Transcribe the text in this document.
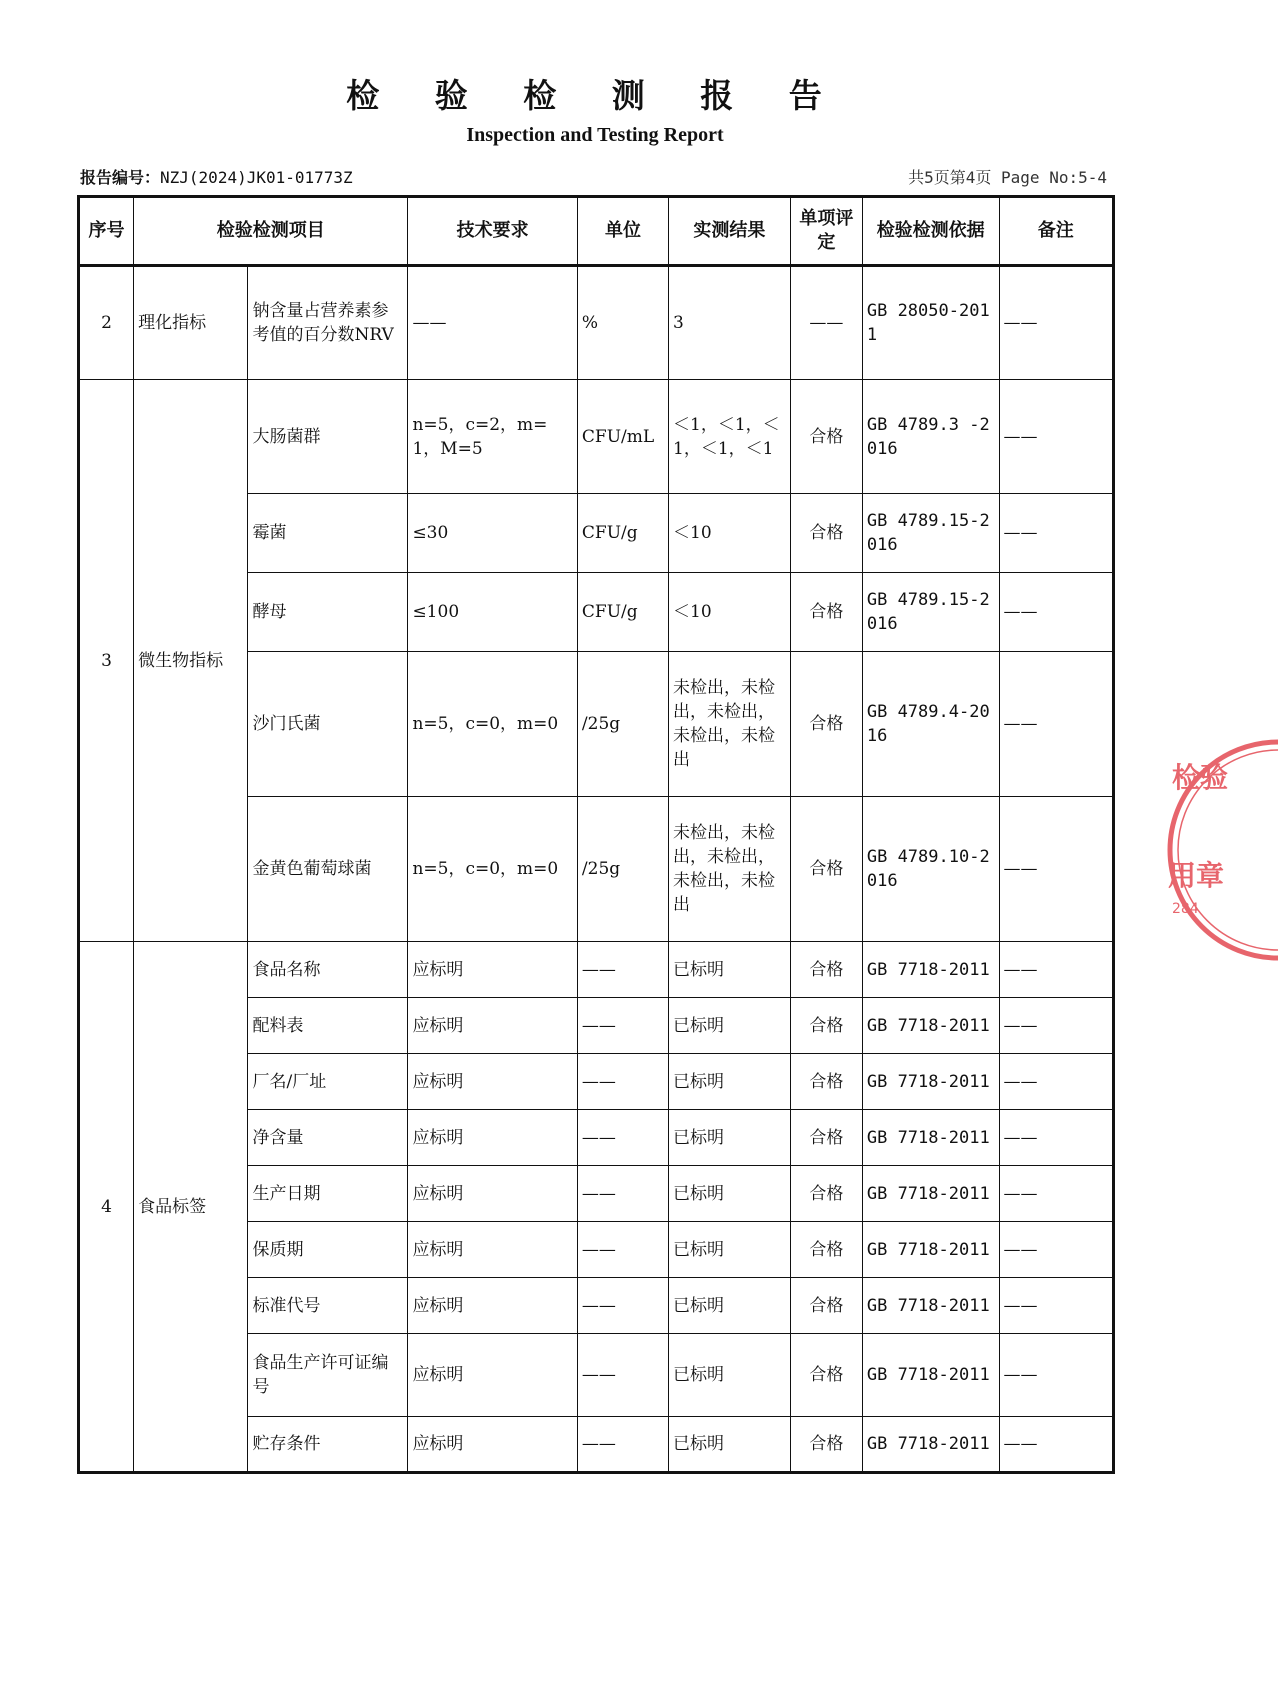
检 验 检 测 报 告
Inspection and Testing Report
报告编号：NZJ(2024)JK01-01773Z	共5页第4页 Page No:5-4
序号	检验检测项目		技术要求	单位	实测结果	单项评定	检验检测依据	备注
2	理化指标	钠含量占营养素参考值的百分数NRV	——	%	3	——	GB 28050-2011	——
3	微生物指标	大肠菌群	n=5，c=2，m=1，M=5	CFU/mL	＜1，＜1，＜1，＜1，＜1	合格	GB 4789.3 -2016	——
		霉菌	≤30	CFU/g	＜10	合格	GB 4789.15-2016	——
		酵母	≤100	CFU/g	＜10	合格	GB 4789.15-2016	——
		沙门氏菌	n=5，c=0，m=0	/25g	未检出，未检出，未检出，未检出，未检出	合格	GB 4789.4-2016	——
		金黄色葡萄球菌	n=5，c=0，m=0	/25g	未检出，未检出，未检出，未检出，未检出	合格	GB 4789.10-2016	——
4	食品标签	食品名称	应标明	——	已标明	合格	GB 7718-2011	——
		配料表	应标明	——	已标明	合格	GB 7718-2011	——
		厂名/厂址	应标明	——	已标明	合格	GB 7718-2011	——
		净含量	应标明	——	已标明	合格	GB 7718-2011	——
		生产日期	应标明	——	已标明	合格	GB 7718-2011	——
		保质期	应标明	——	已标明	合格	GB 7718-2011	——
		标准代号	应标明	——	已标明	合格	GB 7718-2011	——
		食品生产许可证编号	应标明	——	已标明	合格	GB 7718-2011	——
		贮存条件	应标明	——	已标明	合格	GB 7718-2011	——
检验
用章
284
